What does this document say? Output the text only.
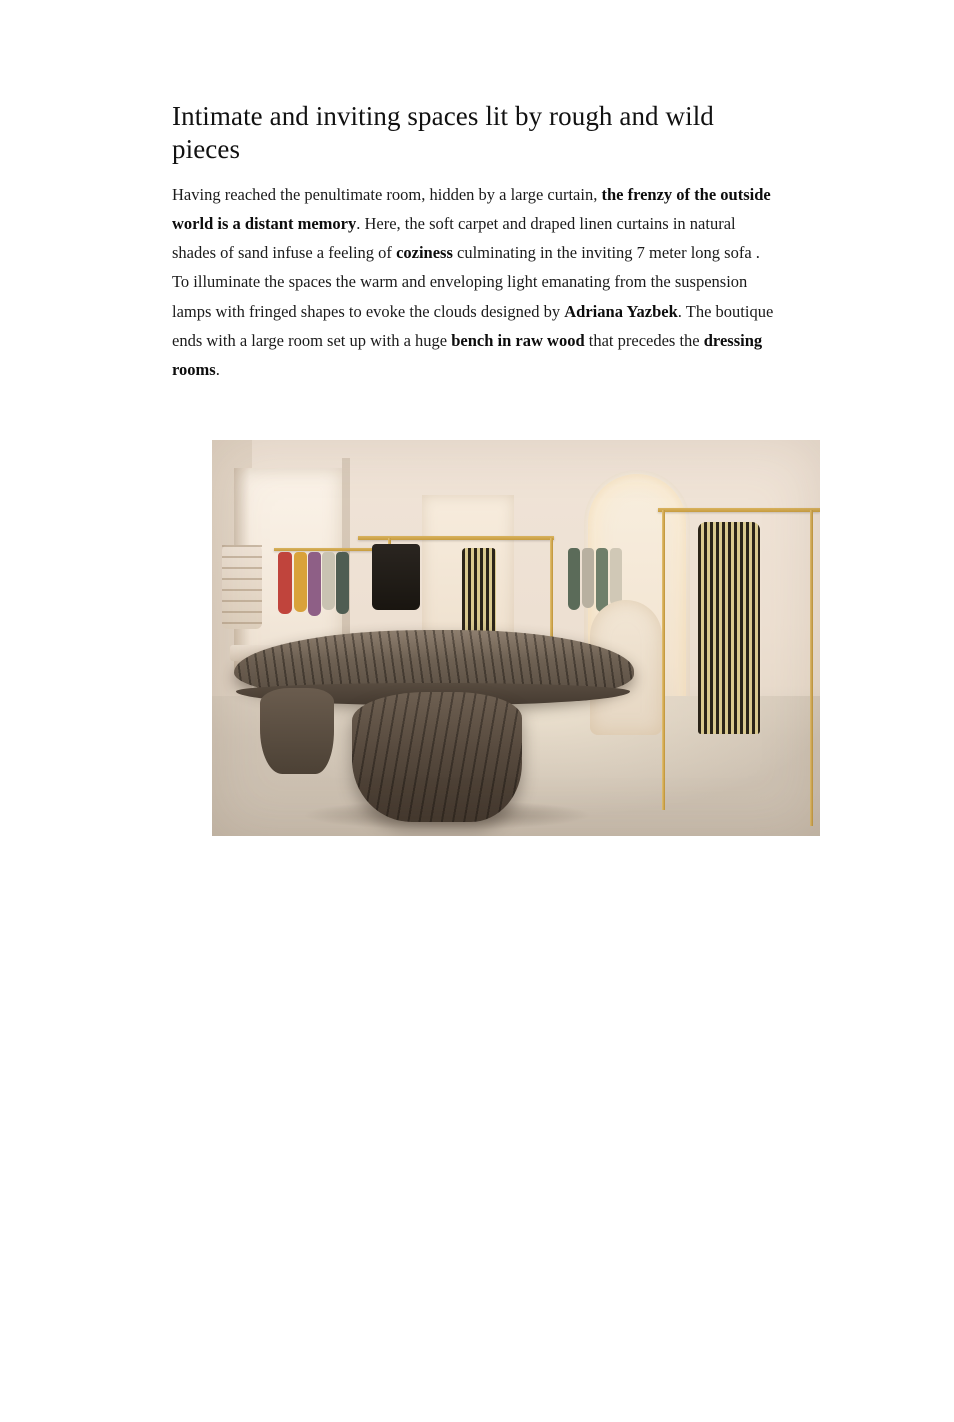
Intimate and inviting spaces lit by rough and wild pieces

Having reached the penultimate room, hidden by a large curtain, the frenzy of the outside world is a distant memory. Here, the soft carpet and draped linen curtains in natural shades of sand infuse a feeling of coziness culminating in the inviting 7 meter long sofa . To illuminate the spaces the warm and enveloping light emanating from the suspension lamps with fringed shapes to evoke the clouds designed by Adriana Yazbek. The boutique ends with a large room set up with a huge bench in raw wood that precedes the dressing rooms.
